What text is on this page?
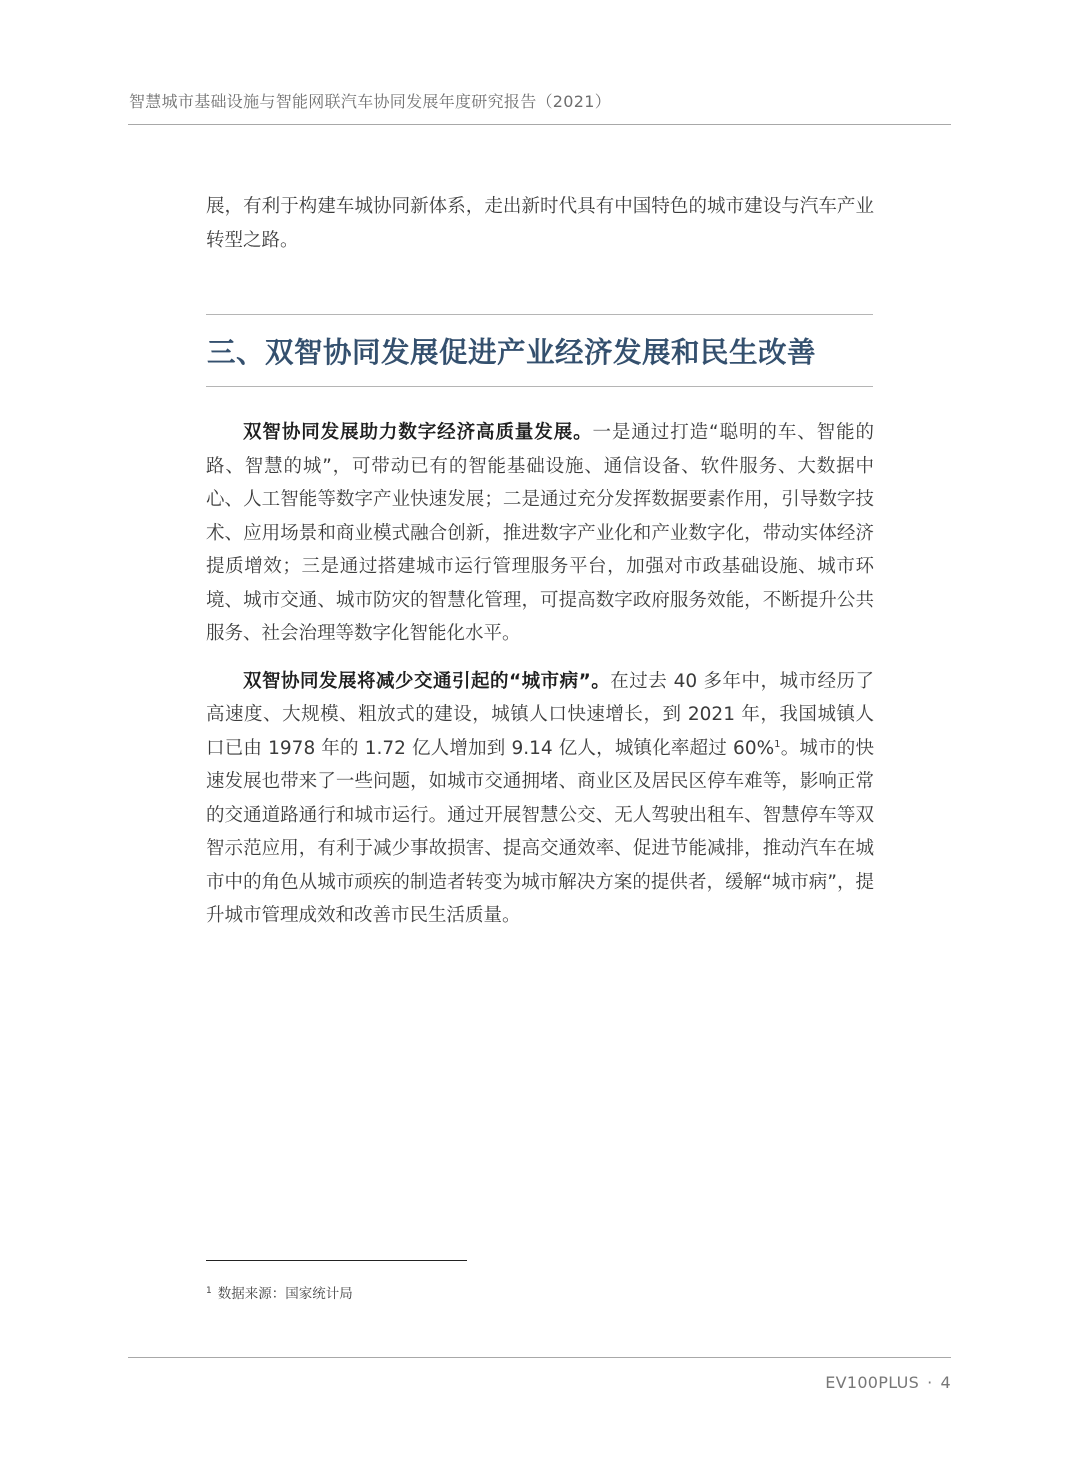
智慧城市基础设施与智能网联汽车协同发展年度研究报告（2021）

展，有利于构建车城协同新体系，走出新时代具有中国特色的城市建设与汽车产业转型之路。

三、双智协同发展促进产业经济发展和民生改善

双智协同发展助力数字经济高质量发展。一是通过打造“聪明的车、智能的路、智慧的城”，可带动已有的智能基础设施、通信设备、软件服务、大数据中心、人工智能等数字产业快速发展；二是通过充分发挥数据要素作用，引导数字技术、应用场景和商业模式融合创新，推进数字产业化和产业数字化，带动实体经济提质增效；三是通过搭建城市运行管理服务平台，加强对市政基础设施、城市环境、城市交通、城市防灾的智慧化管理，可提高数字政府服务效能，不断提升公共服务、社会治理等数字化智能化水平。

双智协同发展将减少交通引起的“城市病”。在过去 40 多年中，城市经历了高速度、大规模、粗放式的建设，城镇人口快速增长，到 2021 年，我国城镇人口已由 1978 年的 1.72 亿人增加到 9.14 亿人，城镇化率超过 60%$^1$。城市的快速发展也带来了一些问题，如城市交通拥堵、商业区及居民区停车难等，影响正常的交通道路通行和城市运行。通过开展智慧公交、无人驾驶出租车、智慧停车等双智示范应用，有利于减少事故损害、提高交通效率、促进节能减排，推动汽车在城市中的角色从城市顽疾的制造者转变为城市解决方案的提供者，缓解“城市病”，提升城市管理成效和改善市民生活质量。

$^1$ 数据来源：国家统计局
EV100PLUS · 4
